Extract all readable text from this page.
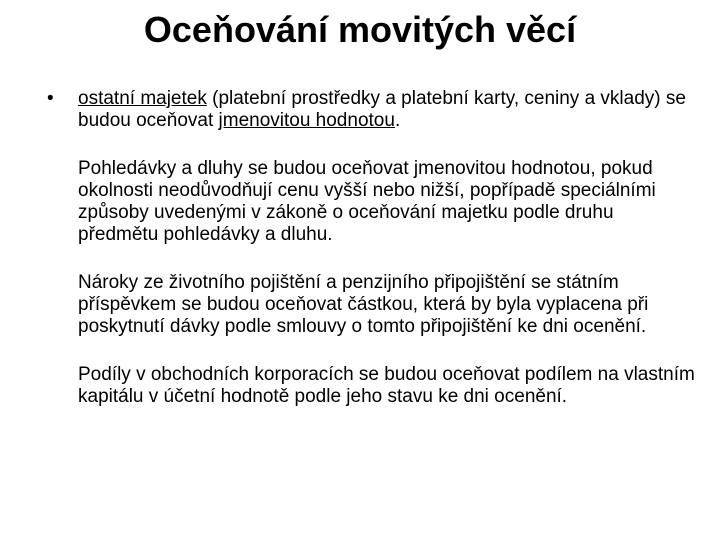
Oceňování movitých věcí
• ostatní majetek (platební prostředky a platební karty, ceniny a vklady) se budou oceňovat jmenovitou hodnotou.

Pohledávky a dluhy se budou oceňovat jmenovitou hodnotou, pokud okolnosti neodůvodňují cenu vyšší nebo nižší, popřípadě speciálními způsoby uvedenými v zákoně o oceňování majetku podle druhu předmětu pohledávky a dluhu.

Nároky ze životního pojištění a penzijního připojištění se státním příspěvkem se budou oceňovat částkou, která by byla vyplacena při poskytnutí dávky podle smlouvy o tomto připojištění ke dni ocenění.

Podíly v obchodních korporacích se budou oceňovat podílem na vlastním kapitálu v účetní hodnotě podle jeho stavu ke dni ocenění.
